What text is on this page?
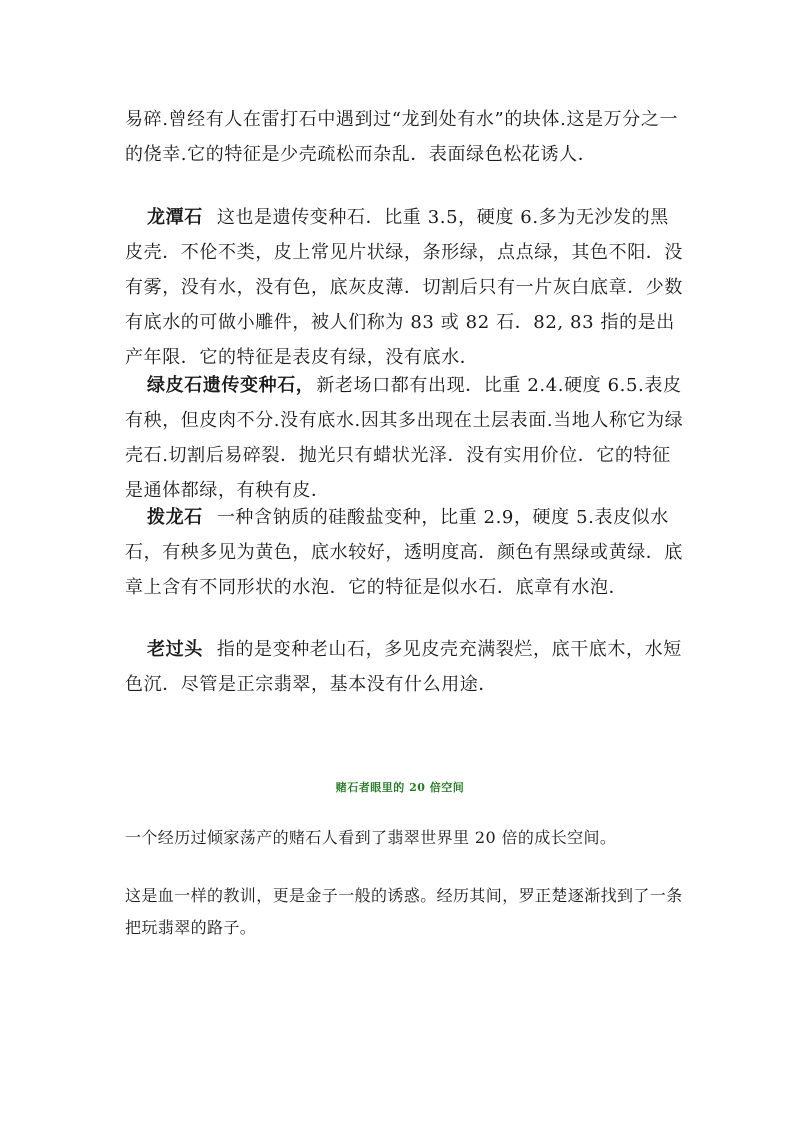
易碎.曾经有人在雷打石中遇到过“龙到处有水”的块体.这是万分之一的侥幸.它的特征是少壳疏松而杂乱．表面绿色松花诱人．

龙潭石 这也是遗传变种石．比重 3.5，硬度 6.多为无沙发的黑皮壳．不伦不类，皮上常见片状绿，条形绿，点点绿，其色不阳．没有雾，没有水，没有色，底灰皮薄．切割后只有一片灰白底章．少数有底水的可做小雕件，被人们称为 83 或 82 石．82, 83 指的是出产年限．它的特征是表皮有绿，没有底水．

绿皮石遗传变种石， 新老场口都有出现．比重 2.4.硬度 6.5.表皮有秧，但皮肉不分.没有底水.因其多出现在土层表面.当地人称它为绿壳石.切割后易碎裂．抛光只有蜡状光泽．没有实用价位．它的特征是通体都绿，有秧有皮．

拨龙石 一种含钠质的硅酸盐变种，比重 2.9，硬度 5.表皮似水石，有秧多见为黄色，底水较好，透明度高．颜色有黑绿或黄绿．底章上含有不同形状的水泡．它的特征是似水石．底章有水泡．

老过头 指的是变种老山石，多见皮壳充满裂烂，底干底木，水短色沉．尽管是正宗翡翠，基本没有什么用途．

赌石者眼里的 20 倍空间

一个经历过倾家荡产的赌石人看到了翡翠世界里 20 倍的成长空间。

这是血一样的教训，更是金子一般的诱惑。经历其间，罗正楚逐渐找到了一条把玩翡翠的路子。
